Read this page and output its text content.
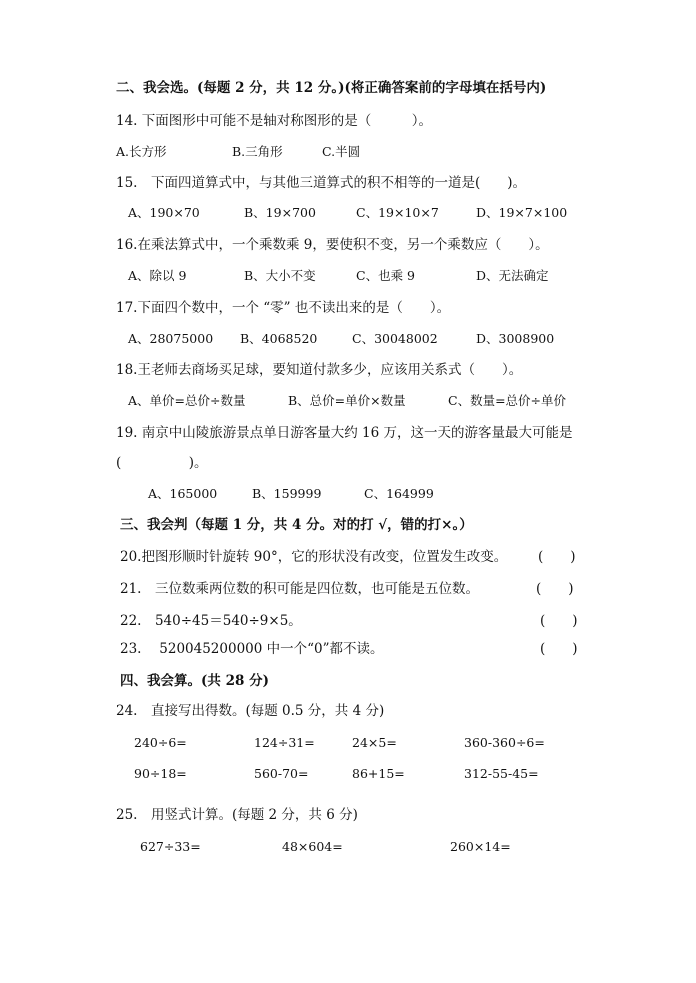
二、我会选。(每题 2 分，共 12 分。)(将正确答案前的字母填在括号内)
14. 下面图形中可能不是轴对称图形的是（　　　）。
A.长方形	B.三角形	C.半圆
15.　下面四道算式中，与其他三道算式的积不相等的一道是(　　)。
A、190×70	B、19×700	C、19×10×7	D、19×7×100
16.在乘法算式中，一个乘数乘 9，要使积不变，另一个乘数应（　　）。
A、除以 9	B、大小不变	C、也乘 9	D、无法确定
17.下面四个数中，一个 “零” 也不读出来的是（　　）。
A、28075000 B、4068520	C、30048002	D、3008900
18.王老师去商场买足球，要知道付款多少，应该用关系式（　　）。
A、单价=总价÷数量	B、总价=单价×数量	C、数量=总价÷单价
19. 南京中山陵旅游景点单日游客量大约 16 万，这一天的游客量最大可能是
(　　　　　)。
A、165000	B、159999	C、164999
三、我会判（每题 1 分，共 4 分。对的打 √，错的打×。）
20.把图形顺时针旋转 90°，它的形状没有改变，位置发生改变。 (　　)
21.　三位数乘两位数的积可能是四位数，也可能是五位数。	(　　)
22.　540÷45＝540÷9×5。	(　　)
23.　 520045200000 中一个“0”都不读。	(　　)
四、我会算。(共 28 分)
24.　直接写出得数。(每题 0.5 分，共 4 分)
240÷6=	124÷31=	24×5=	360-360÷6=
90÷18=	560-70=	86+15=	312-55-45=
25.　用竖式计算。(每题 2 分，共 6 分)
627÷33=	48×604=	260×14=
